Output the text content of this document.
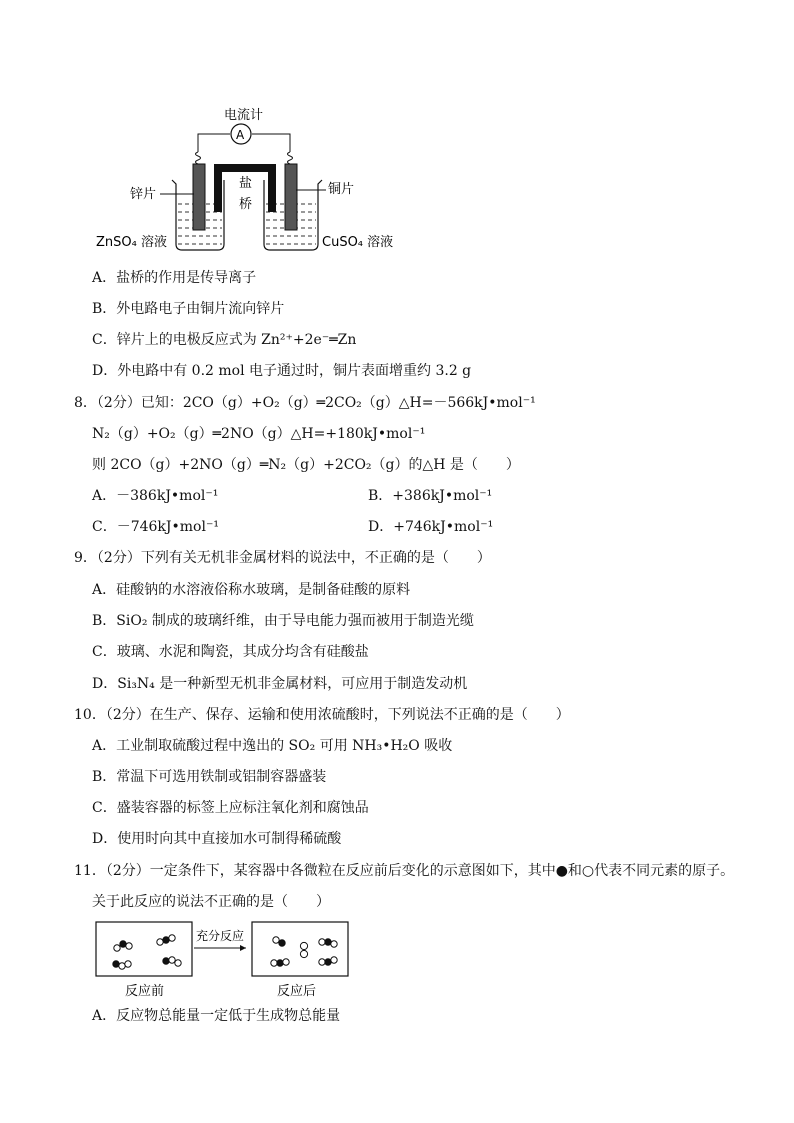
电流计
A
盐
桥
锌片	铜片
ZnSO₄ 溶液	CuSO₄ 溶液
A．盐桥的作用是传导离子
B．外电路电子由铜片流向锌片
C．锌片上的电极反应式为 Zn²⁺+2e⁻═Zn
D．外电路中有 0.2 mol 电子通过时，铜片表面增重约 3.2 g
8．（2分）已知：2CO（g）+O₂（g）═2CO₂（g）△H=－566kJ•mol⁻¹
N₂（g）+O₂（g）═2NO（g）△H=+180kJ•mol⁻¹
则 2CO（g）+2NO（g）═N₂（g）+2CO₂（g）的△H 是（　　）
A．－386kJ•mol⁻¹	B．+386kJ•mol⁻¹
C．－746kJ•mol⁻¹	D．+746kJ•mol⁻¹
9．（2分）下列有关无机非金属材料的说法中，不正确的是（　　）
A．硅酸钠的水溶液俗称水玻璃，是制备硅酸的原料
B．SiO₂ 制成的玻璃纤维，由于导电能力强而被用于制造光缆
C．玻璃、水泥和陶瓷，其成分均含有硅酸盐
D．Si₃N₄ 是一种新型无机非金属材料，可应用于制造发动机
10．（2分）在生产、保存、运输和使用浓硫酸时，下列说法不正确的是（　　）
A．工业制取硫酸过程中逸出的 SO₂ 可用 NH₃•H₂O 吸收
B．常温下可选用铁制或铝制容器盛装
C．盛装容器的标签上应标注氧化剂和腐蚀品
D．使用时向其中直接加水可制得稀硫酸
11．（2分）一定条件下，某容器中各微粒在反应前后变化的示意图如下，其中●和○代表不同元素的原子。
关于此反应的说法不正确的是（　　）
充分反应
反应前	反应后
A．反应物总能量一定低于生成物总能量
